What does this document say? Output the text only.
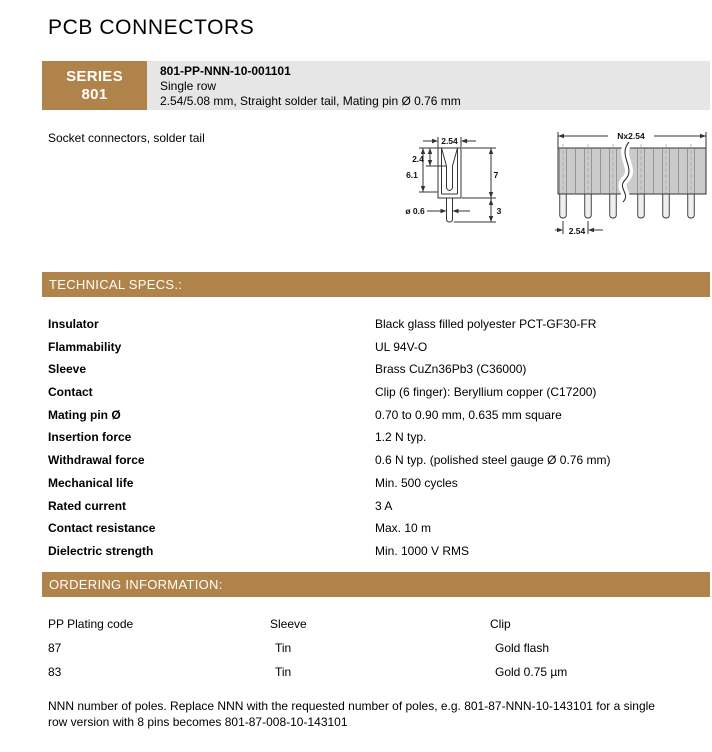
PCB CONNECTORS
SERIES
801
801-PP-NNN-10-001101
Single row
2.54/5.08 mm, Straight solder tail, Mating pin Ø 0.76 mm
Socket connectors, solder tail	2.54
2.4
6.1	7
ø 0.6	3
Nx2.54
2.54
TECHNICAL SPECS.:
Insulator	Black glass filled polyester PCT-GF30-FR
Flammability	UL 94V-O
Sleeve	Brass CuZn36Pb3 (C36000)
Contact	Clip (6 finger): Beryllium copper (C17200)
Mating pin Ø	0.70 to 0.90 mm, 0.635 mm square
Insertion force	1.2 N typ.
Withdrawal force	0.6 N typ. (polished steel gauge Ø 0.76 mm)
Mechanical life	Min. 500 cycles
Rated current	3 A
Contact resistance	Max. 10 m
Dielectric strength	Min. 1000 V RMS
ORDERING INFORMATION:
PP Plating code	Sleeve	Clip
87	Tin	Gold flash
83	Tin	Gold 0.75 µm
NNN number of poles. Replace NNN with the requested number of poles, e.g. 801-87-NNN-10-143101 for a single
row version with 8 pins becomes 801-87-008-10-143101
